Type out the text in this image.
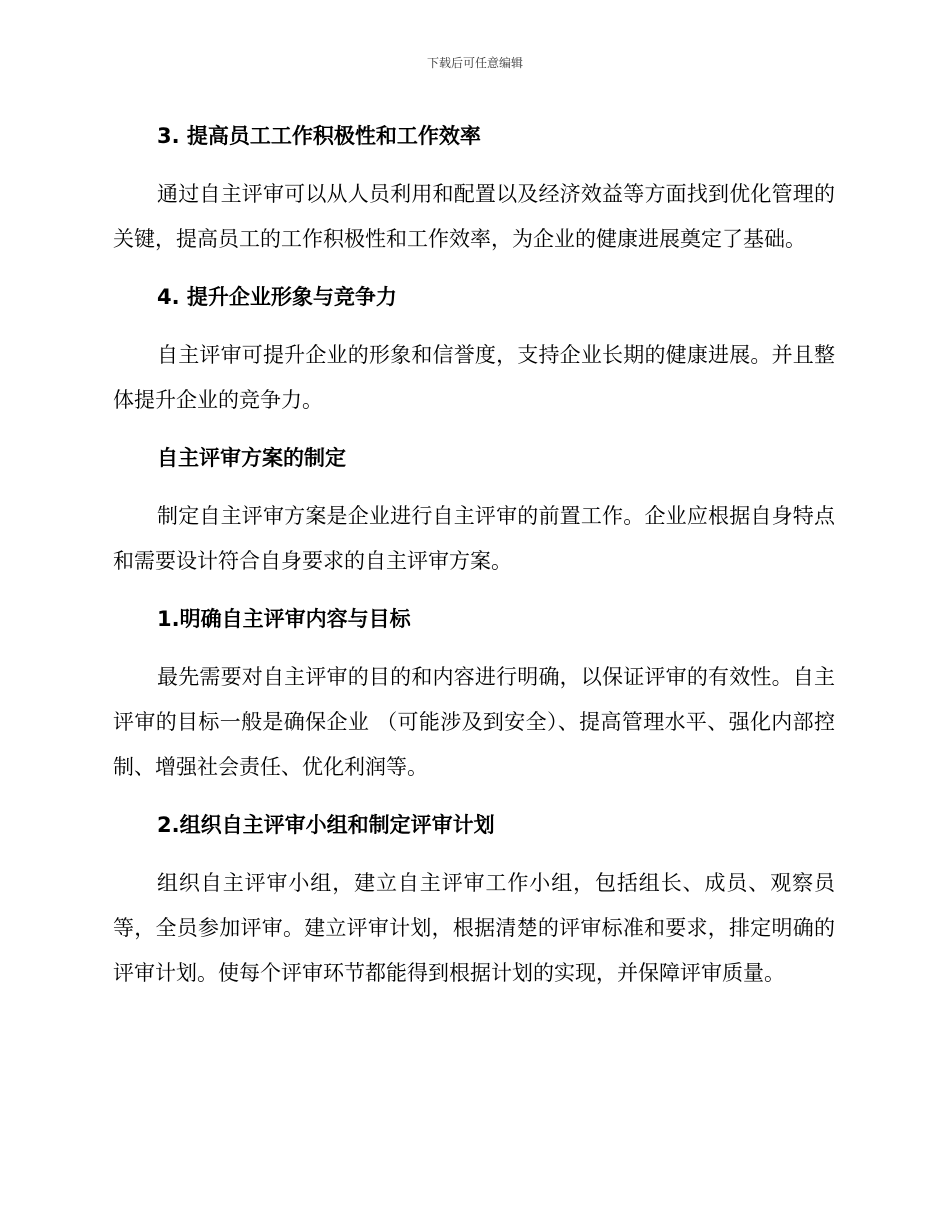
下载后可任意编辑
3. 提高员工工作积极性和工作效率
通过自主评审可以从人员利用和配置以及经济效益等方面找到优化管理的关键，提高员工的工作积极性和工作效率，为企业的健康进展奠定了基础。
4. 提升企业形象与竞争力
自主评审可提升企业的形象和信誉度，支持企业长期的健康进展。并且整体提升企业的竞争力。
自主评审方案的制定
制定自主评审方案是企业进行自主评审的前置工作。企业应根据自身特点和需要设计符合自身要求的自主评审方案。
1.明确自主评审内容与目标
最先需要对自主评审的目的和内容进行明确，以保证评审的有效性。自主评审的目标一般是确保企业 （可能涉及到安全）、提高管理水平、强化内部控制、增强社会责任、优化利润等。
2.组织自主评审小组和制定评审计划
组织自主评审小组，建立自主评审工作小组，包括组长、成员、观察员等，全员参加评审。建立评审计划，根据清楚的评审标准和要求，排定明确的评审计划。使每个评审环节都能得到根据计划的实现，并保障评审质量。
